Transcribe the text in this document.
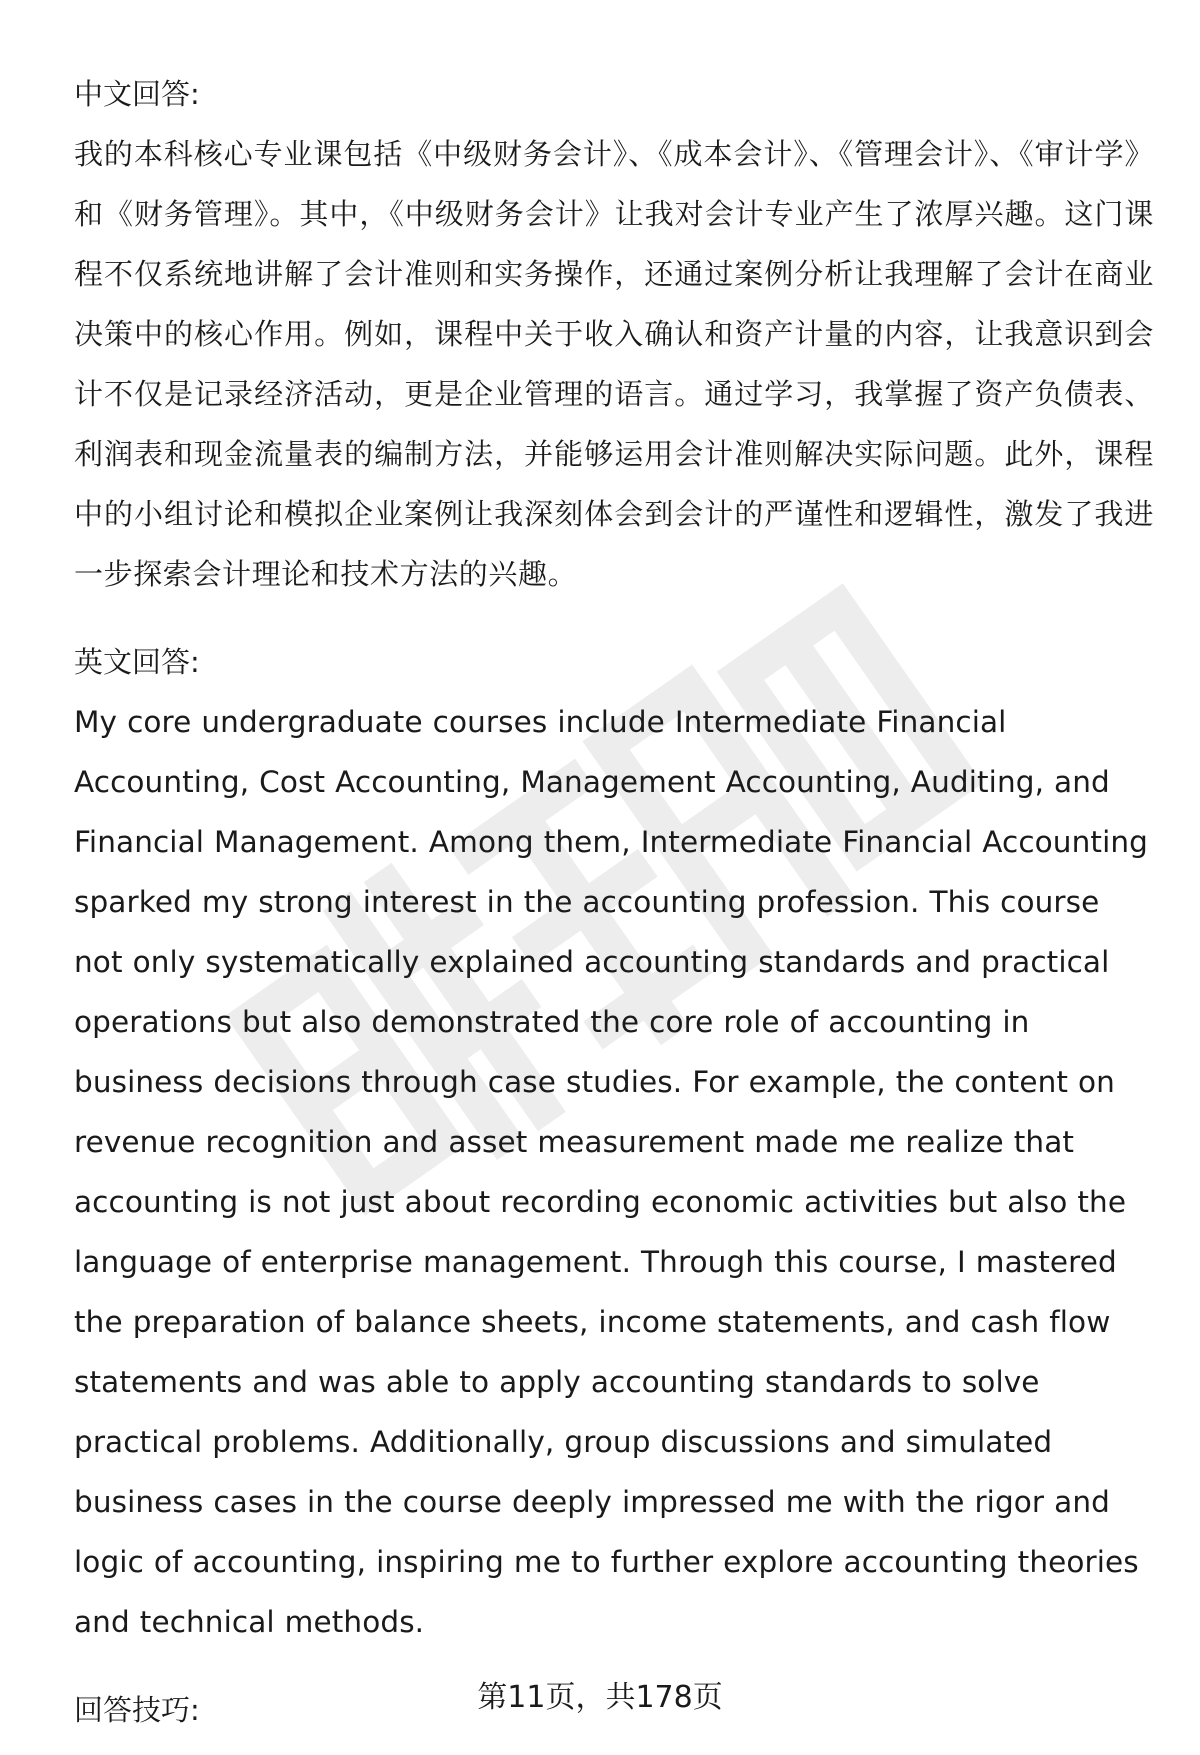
中文回答:

我的本科核心专业课包括《中级财务会计》、《成本会计》、《管理会计》、《审计学》和《财务管理》。其中，《中级财务会计》让我对会计专业产生了浓厚兴趣。这门课程不仅系统地讲解了会计准则和实务操作，还通过案例分析让我理解了会计在商业决策中的核心作用。例如，课程中关于收入确认和资产计量的内容，让我意识到会计不仅是记录经济活动，更是企业管理的语言。通过学习，我掌握了资产负债表、利润表和现金流量表的编制方法，并能够运用会计准则解决实际问题。此外，课程中的小组讨论和模拟企业案例让我深刻体会到会计的严谨性和逻辑性，激发了我进一步探索会计理论和技术方法的兴趣。

英文回答:

My core undergraduate courses include Intermediate Financial Accounting, Cost Accounting, Management Accounting, Auditing, and Financial Management. Among them, Intermediate Financial Accounting sparked my strong interest in the accounting profession. This course not only systematically explained accounting standards and practical operations but also demonstrated the core role of accounting in business decisions through case studies. For example, the content on revenue recognition and asset measurement made me realize that accounting is not just about recording economic activities but also the language of enterprise management. Through this course, I mastered the preparation of balance sheets, income statements, and cash flow statements and was able to apply accounting standards to solve practical problems. Additionally, group discussions and simulated business cases in the course deeply impressed me with the rigor and logic of accounting, inspiring me to further explore accounting theories and technical methods.

回答技巧:	第11页，共178页
